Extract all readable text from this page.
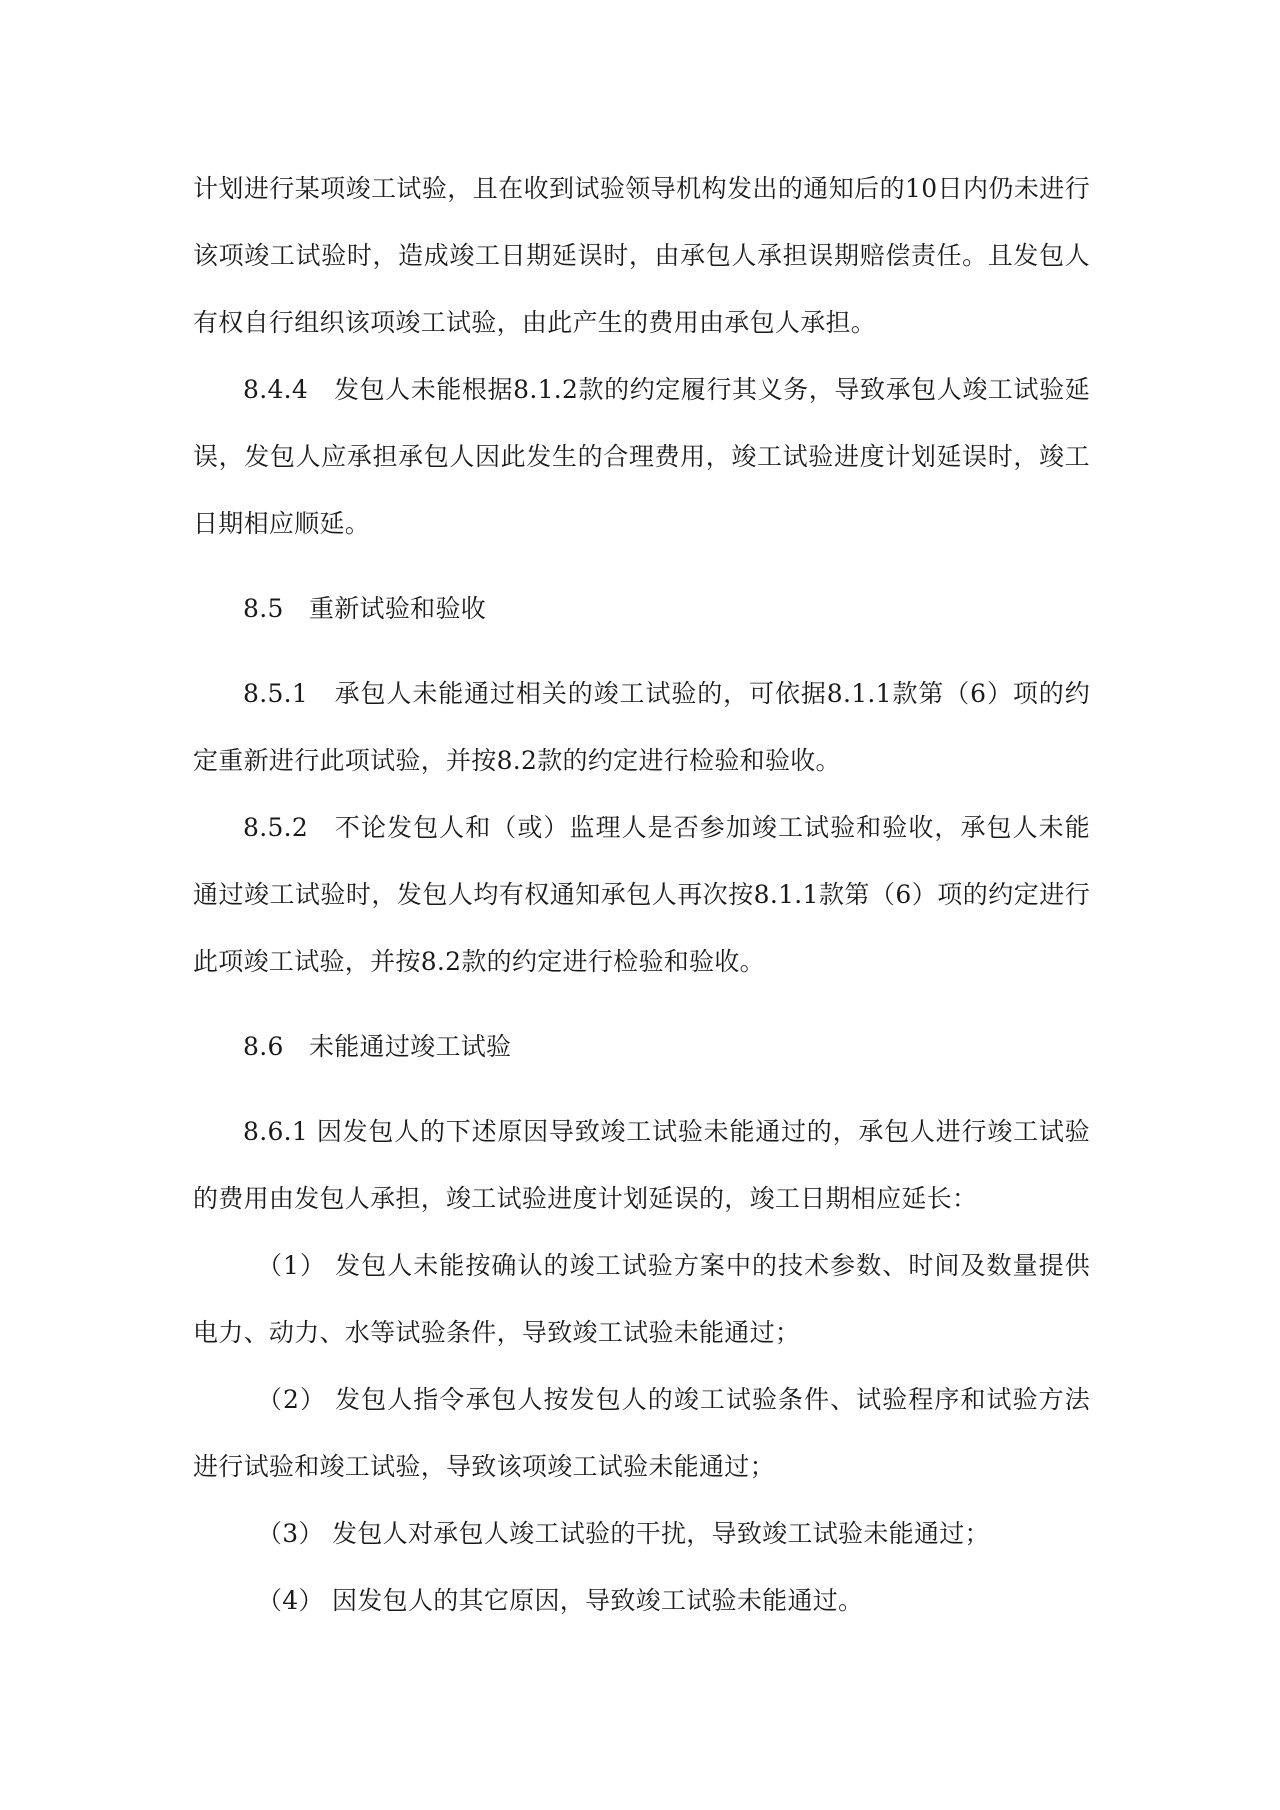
计划进行某项竣工试验，且在收到试验领导机构发出的通知后的10日内仍未进行该项竣工试验时，造成竣工日期延误时，由承包人承担误期赔偿责任。且发包人有权自行组织该项竣工试验，由此产生的费用由承包人承担。

8.4.4　发包人未能根据8.1.2款的约定履行其义务，导致承包人竣工试验延误，发包人应承担承包人因此发生的合理费用，竣工试验进度计划延误时，竣工日期相应顺延。

8.5　重新试验和验收

8.5.1　承包人未能通过相关的竣工试验的，可依据8.1.1款第（6）项的约定重新进行此项试验，并按8.2款的约定进行检验和验收。

8.5.2　不论发包人和（或）监理人是否参加竣工试验和验收，承包人未能通过竣工试验时，发包人均有权通知承包人再次按8.1.1款第（6）项的约定进行此项竣工试验，并按8.2款的约定进行检验和验收。

8.6　未能通过竣工试验

8.6.1 因发包人的下述原因导致竣工试验未能通过的，承包人进行竣工试验的费用由发包人承担，竣工试验进度计划延误的，竣工日期相应延长：

（1） 发包人未能按确认的竣工试验方案中的技术参数、时间及数量提供电力、动力、水等试验条件，导致竣工试验未能通过；

（2） 发包人指令承包人按发包人的竣工试验条件、试验程序和试验方法进行试验和竣工试验，导致该项竣工试验未能通过；

（3） 发包人对承包人竣工试验的干扰，导致竣工试验未能通过；

（4） 因发包人的其它原因，导致竣工试验未能通过。
